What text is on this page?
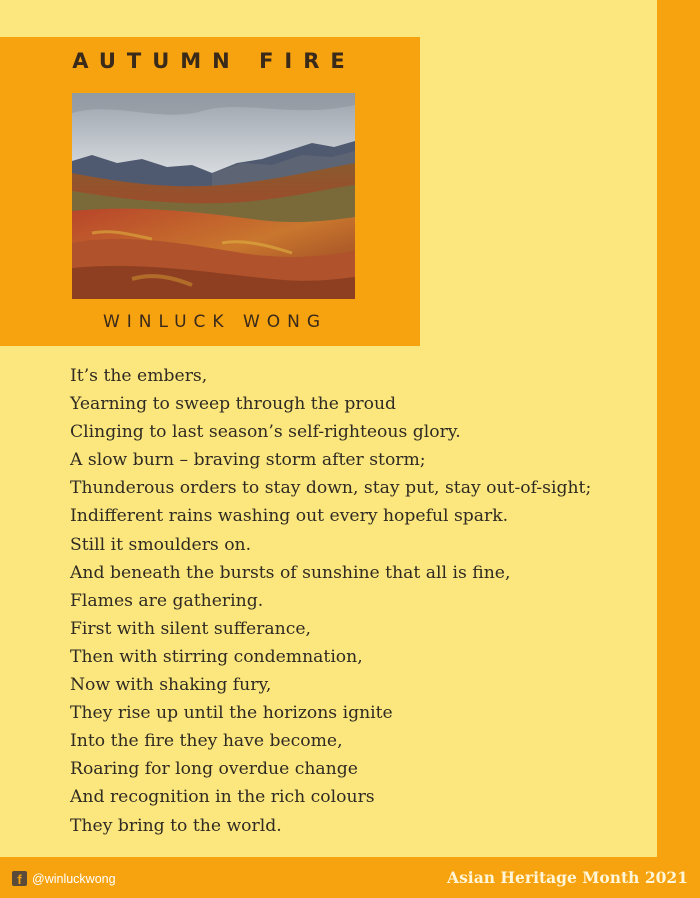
AUTUMN FIRE
WINLUCK WONG
It’s the embers,
Yearning to sweep through the proud
Clinging to last season’s self-righteous glory.
A slow burn – braving storm after storm;
Thunderous orders to stay down, stay put, stay out-of-sight;
Indifferent rains washing out every hopeful spark.
Still it smoulders on.
And beneath the bursts of sunshine that all is fine,
Flames are gathering.
First with silent sufferance,
Then with stirring condemnation,
Now with shaking fury,
They rise up until the horizons ignite
Into the fire they have become,
Roaring for long overdue change
And recognition in the rich colours
They bring to the world.
f @winluckwong	Asian Heritage Month 2021
